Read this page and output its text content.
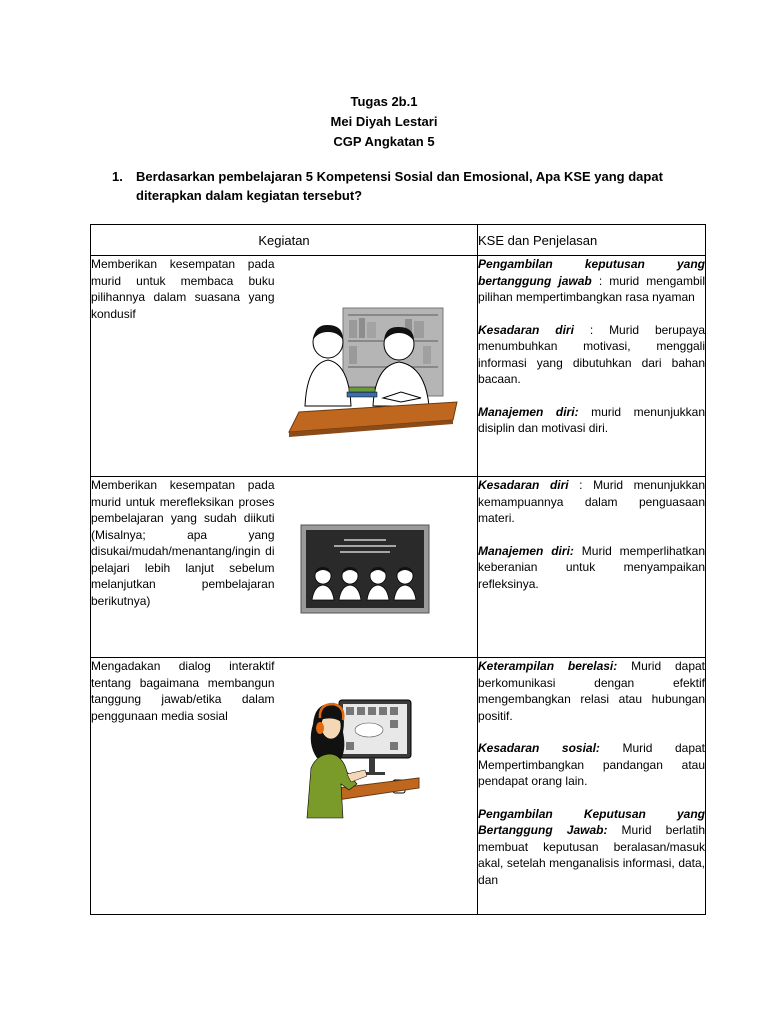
Tugas 2b.1
Mei Diyah Lestari
CGP Angkatan 5
1. Berdasarkan pembelajaran 5 Kompetensi Sosial dan Emosional, Apa KSE yang dapat diterapkan dalam kegiatan tersebut?
Kegiatan		KSE dan Penjelasan
Memberikan kesempatan pada murid untuk membaca buku pilihannya dalam suasana yang kondusif		Pengambilan keputusan yang bertanggung jawab : murid mengambil pilihan mempertimbangkan rasa nyaman

Kesadaran diri : Murid berupaya menumbuhkan motivasi, menggali informasi yang dibutuhkan dari bahan bacaan.

Manajemen diri: murid menunjukkan disiplin dan motivasi diri.

Memberikan kesempatan pada murid untuk merefleksikan proses pembelajaran yang sudah diikuti (Misalnya; apa yang disukai/mudah/menantang/ingin di pelajari lebih lanjut sebelum melanjutkan pembelajaran berikutnya)		Kesadaran diri : Murid menunjukkan kemampuannya dalam penguasaan materi.

Manajemen diri: Murid memperlihatkan keberanian untuk menyampaikan refleksinya.

Mengadakan dialog interaktif tentang bagaimana membangun tanggung jawab/etika dalam penggunaan media sosial		Keterampilan berelasi: Murid dapat berkomunikasi dengan efektif mengembangkan relasi atau hubungan positif.

Kesadaran sosial: Murid dapat Mempertimbangkan pandangan atau pendapat orang lain.

Pengambilan Keputusan yang Bertanggung Jawab: Murid berlatih membuat keputusan beralasan/masuk akal, setelah menganalisis informasi, data, dan
